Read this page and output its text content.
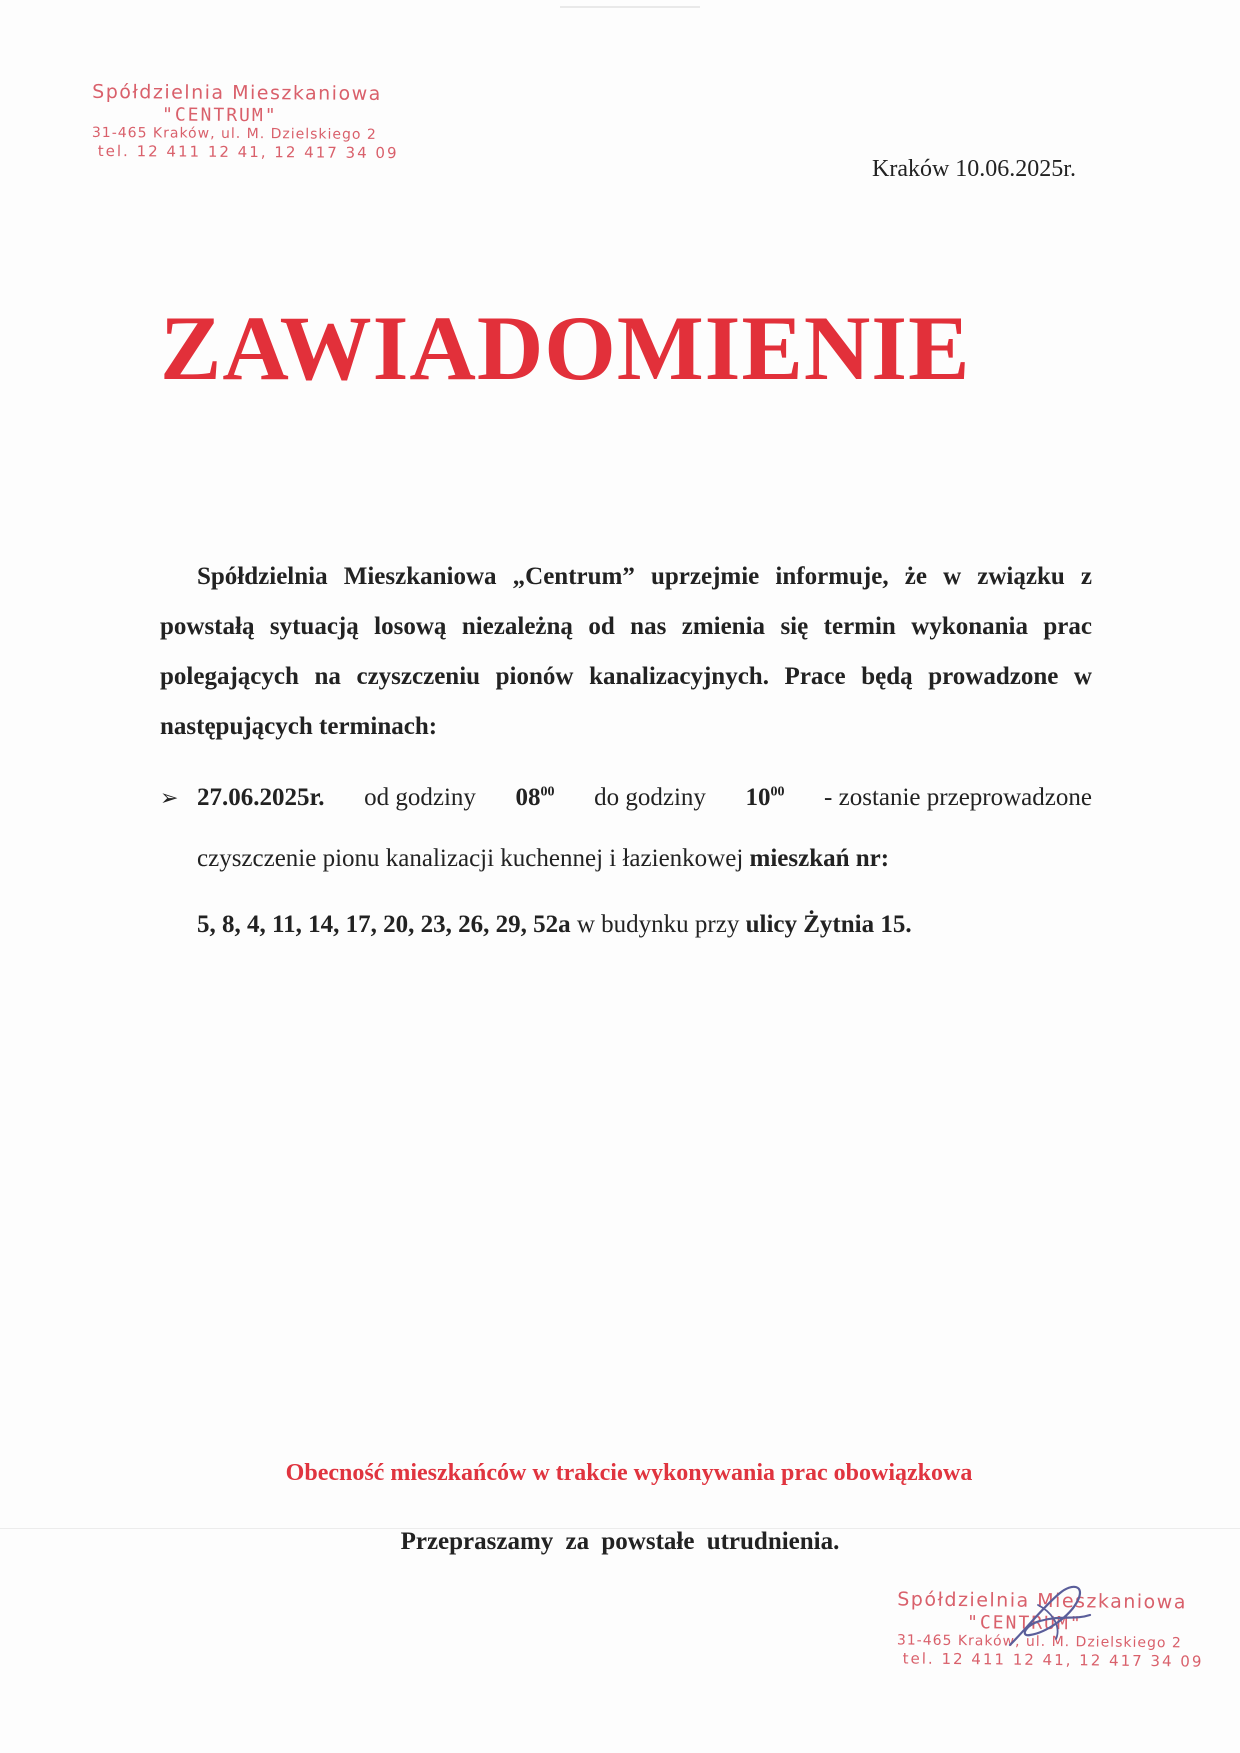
Spółdzielnia Mieszkaniowa
"CENTRUM"
31-465 Kraków, ul. M. Dzielskiego 2
tel. 12 411 12 41, 12 417 34 09
Kraków 10.06.2025r.
ZAWIADOMIENIE
Spółdzielnia Mieszkaniowa „Centrum” uprzejmie informuje, że w związku z powstałą sytuacją losową niezależną od nas zmienia się termin wykonania prac polegających na czyszczeniu pionów kanalizacyjnych. Prace będą prowadzone w następujących terminach:
➢ 27.06.2025r. od godziny $08^{00}$ do godziny $10^{00}$ - zostanie przeprowadzone
czyszczenie pionu kanalizacji kuchennej i łazienkowej mieszkań nr:
5, 8, 4, 11, 14, 17, 20, 23, 26, 29, 52a w budynku przy ulicy Żytnia 15.
Obecność mieszkańców w trakcie wykonywania prac obowiązkowa
Przepraszamy za powstałe utrudnienia.
Spółdzielnia Mieszkaniowa
"CENTRUM"
31-465 Kraków, ul. M. Dzielskiego 2
tel. 12 411 12 41, 12 417 34 09
